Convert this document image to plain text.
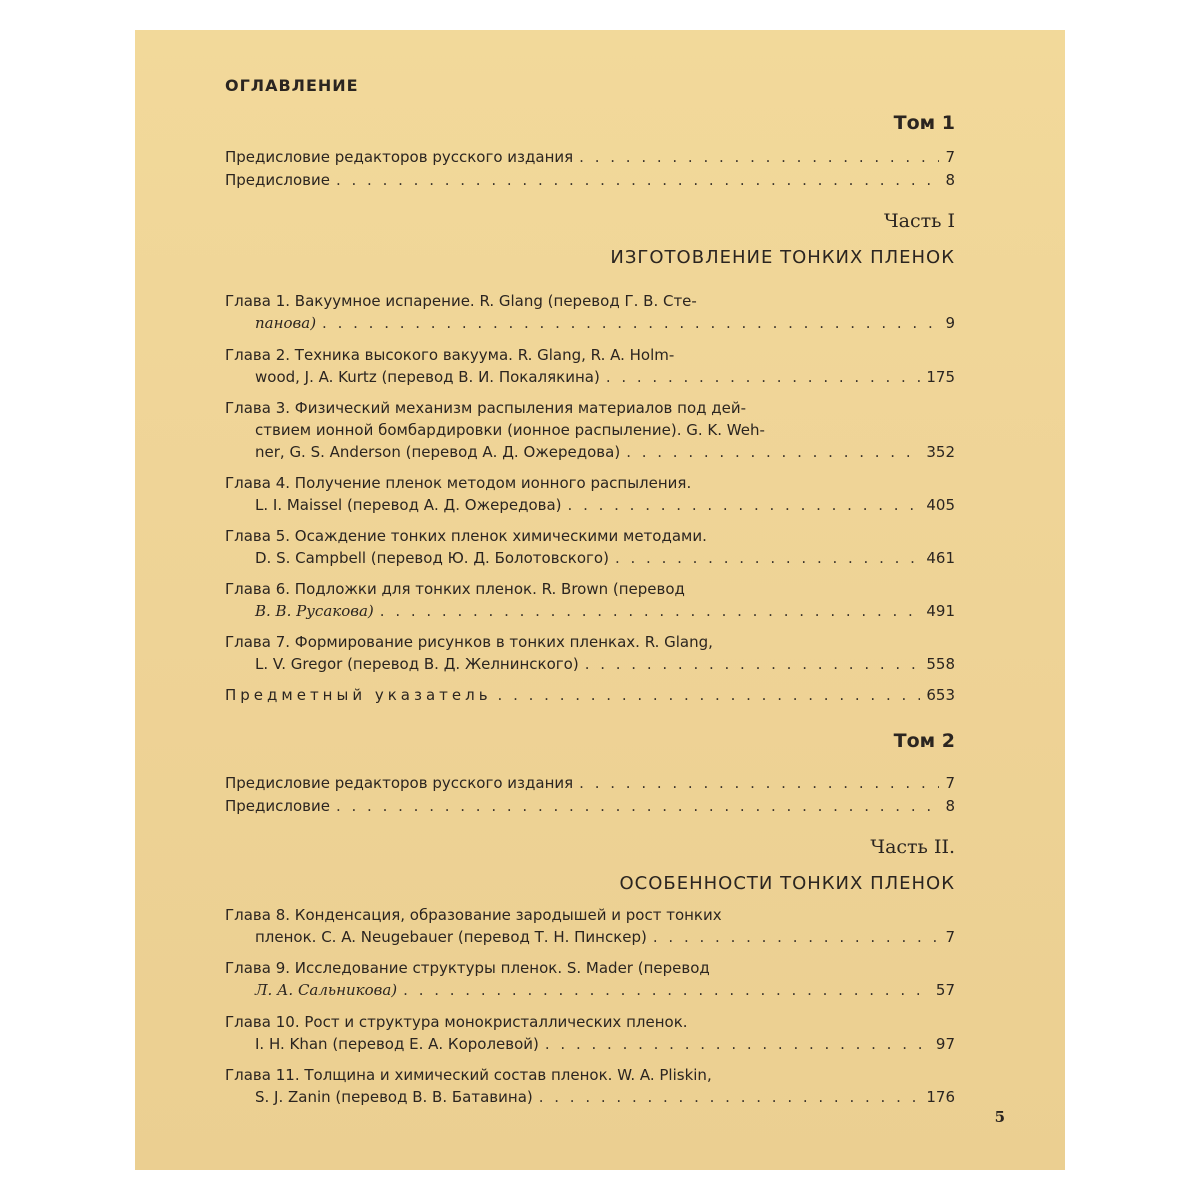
ОГЛАВЛЕНИЕ
Том 1
Предисловие редакторов русского издания . . .	7
Предисловие . . .	8
Часть I
ИЗГОТОВЛЕНИЕ ТОНКИХ ПЛЕНОК
Глава 1. Вакуумное испарение. R. Glang (перевод Г. В. Сте-
панова) . . .	9
Глава 2. Техника высокого вакуума. R. Glang, R. A. Holm-
wood, J. A. Kurtz (перевод В. И. Покалякина) . . .	175
Глава 3. Физический механизм распыления материалов под дей-
ствием ионной бомбардировки (ионное распыление). G. K. Weh-
ner, G. S. Anderson (перевод А. Д. Ожередова) . . .	352
Глава 4. Получение пленок методом ионного распыления.
L. I. Maissel (перевод А. Д. Ожередова) . . .	405
Глава 5. Осаждение тонких пленок химическими методами.
D. S. Campbell (перевод Ю. Д. Болотовского) . . .	461
Глава 6. Подложки для тонких пленок. R. Brown (перевод
В. В. Русакова) . . .	491
Глава 7. Формирование рисунков в тонких пленках. R. Glang,
L. V. Gregor (перевод В. Д. Желнинского) . . .	558
Предметный указатель . . .	653
Том 2
Предисловие редакторов русского издания . . .	7
Предисловие . . .	8
Часть II.
ОСОБЕННОСТИ ТОНКИХ ПЛЕНОК
Глава 8. Конденсация, образование зародышей и рост тонких
пленок. C. A. Neugebauer (перевод Т. Н. Пинскер) . . .	7
Глава 9. Исследование структуры пленок. S. Mader (перевод
Л. А. Сальникова) . . .	57
Глава 10. Рост и структура монокристаллических пленок.
I. H. Khan (перевод Е. А. Королевой) . . .	97
Глава 11. Толщина и химический состав пленок. W. A. Pliskin,
S. J. Zanin (перевод В. В. Батавина) . . .	176
5
